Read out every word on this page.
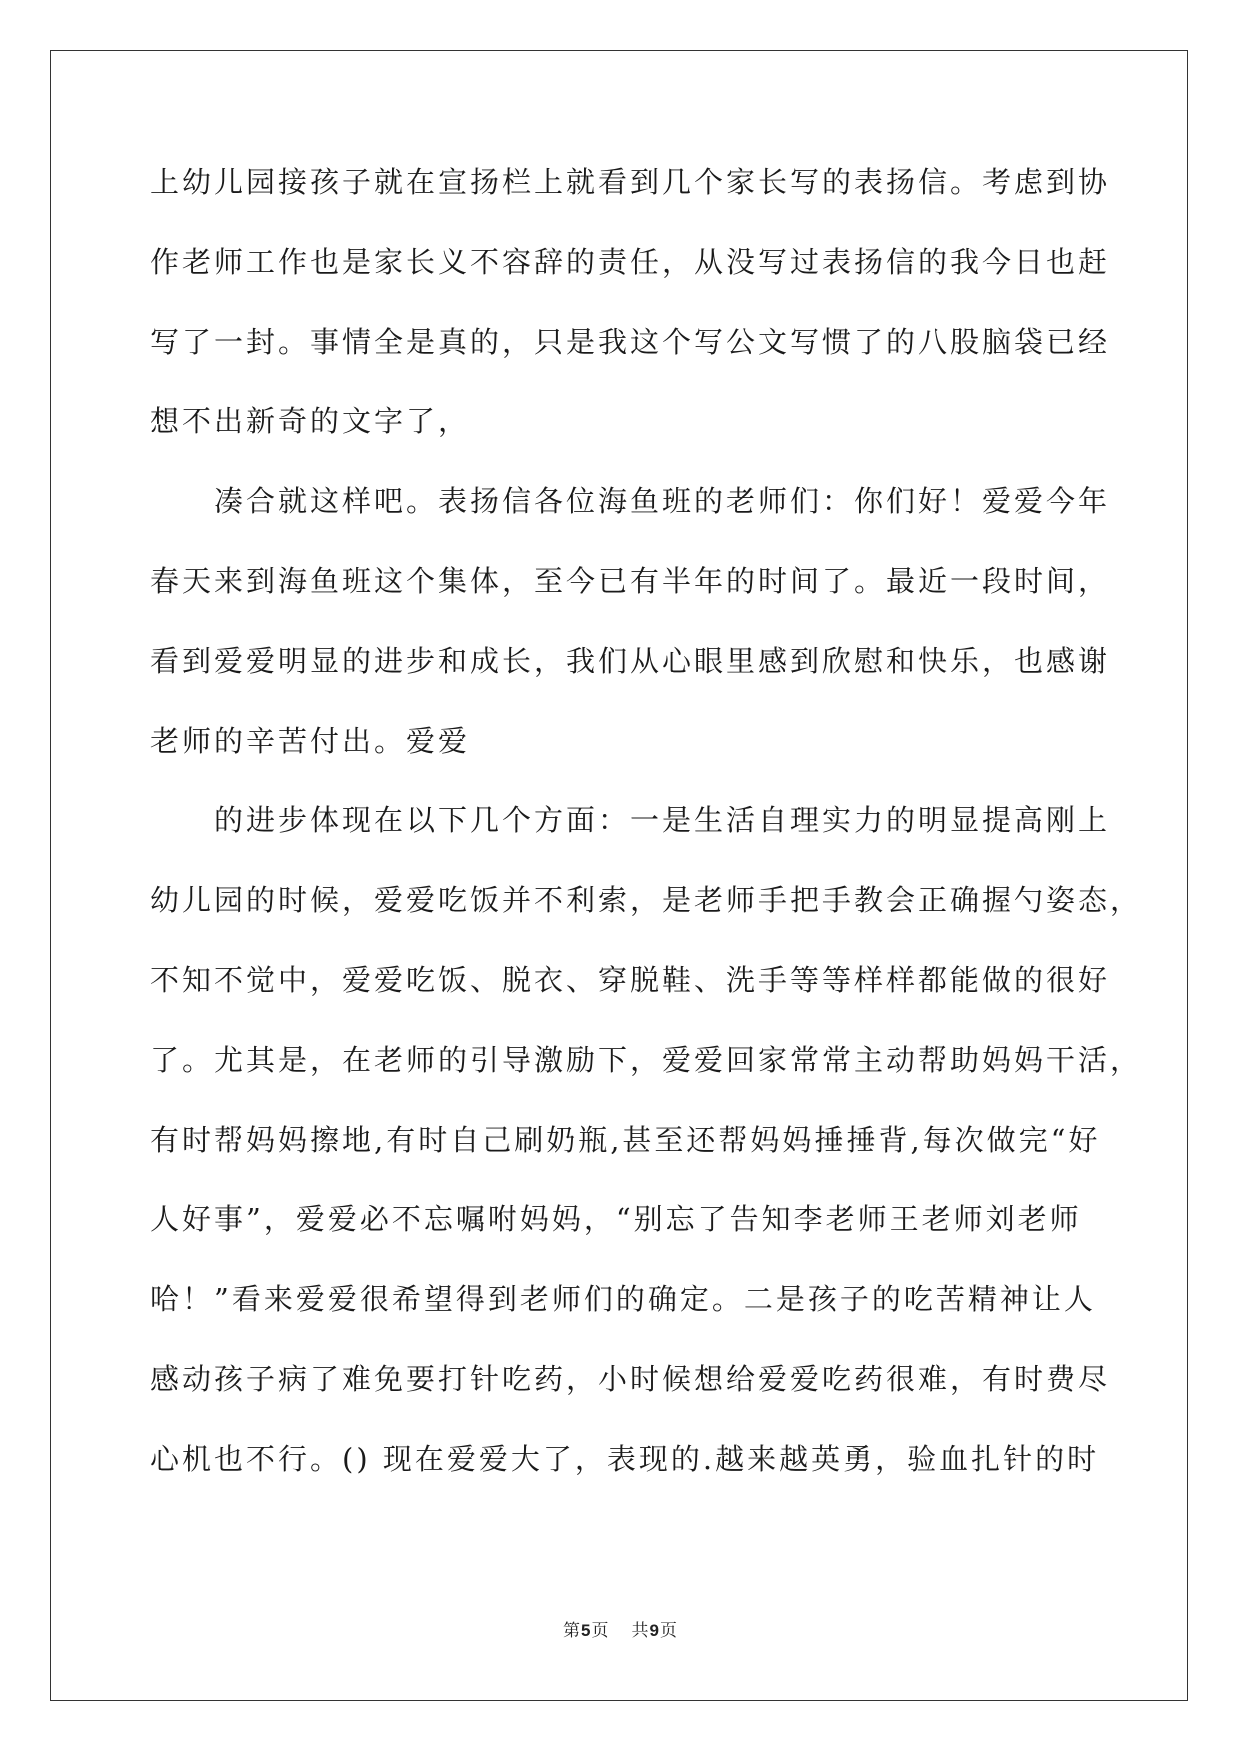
上幼儿园接孩子就在宣扬栏上就看到几个家长写的表扬信。考虑到协
作老师工作也是家长义不容辞的责任，从没写过表扬信的我今日也赶
写了一封。事情全是真的，只是我这个写公文写惯了的八股脑袋已经
想不出新奇的文字了，
凑合就这样吧。表扬信各位海鱼班的老师们：你们好！爱爱今年
春天来到海鱼班这个集体，至今已有半年的时间了。最近一段时间，
看到爱爱明显的进步和成长，我们从心眼里感到欣慰和快乐，也感谢
老师的辛苦付出。爱爱
的进步体现在以下几个方面：一是生活自理实力的明显提高刚上
幼儿园的时候，爱爱吃饭并不利索，是老师手把手教会正确握勺姿态，
不知不觉中，爱爱吃饭、脱衣、穿脱鞋、洗手等等样样都能做的很好
了。尤其是，在老师的引导激励下，爱爱回家常常主动帮助妈妈干活，
有时帮妈妈擦地,有时自己刷奶瓶,甚至还帮妈妈捶捶背,每次做完“好
人好事”，爱爱必不忘嘱咐妈妈，“别忘了告知李老师王老师刘老师
哈！”看来爱爱很希望得到老师们的确定。二是孩子的吃苦精神让人
感动孩子病了难免要打针吃药，小时候想给爱爱吃药很难，有时费尽
心机也不行。() 现在爱爱大了，表现的.越来越英勇，验血扎针的时
第5页 共9页
